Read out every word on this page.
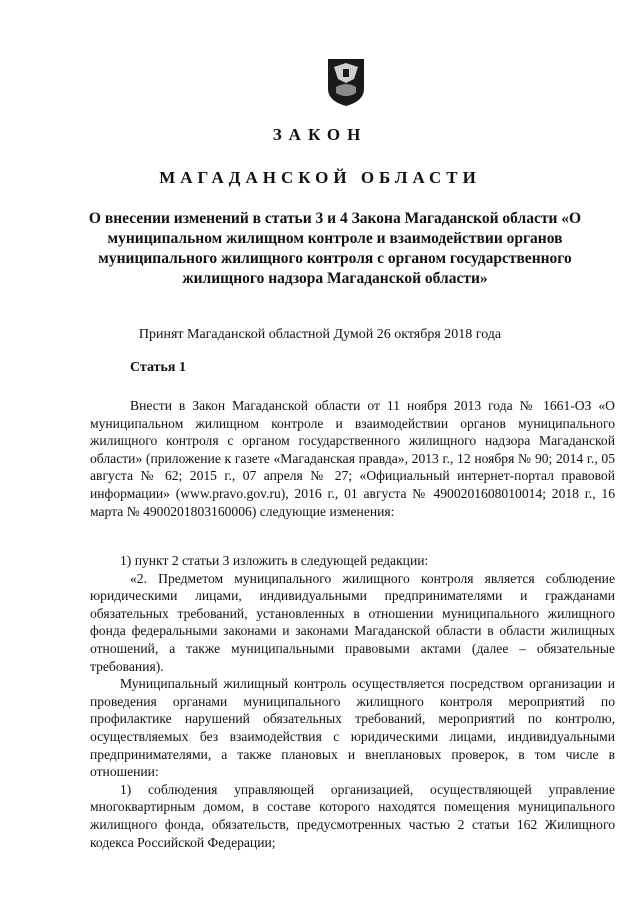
ЗАКОН
МАГАДАНСКОЙ ОБЛАСТИ
О внесении изменений в статьи 3 и 4 Закона Магаданской области «О муниципальном жилищном контроле и взаимодействии органов муниципального жилищного контроля с органом государственного жилищного надзора Магаданской области»
Принят Магаданской областной Думой 26 октября 2018 года
Статья 1

Внести в Закон Магаданской области от 11 ноября 2013 года № 1661-ОЗ «О муниципальном жилищном контроле и взаимодействии органов муниципального жилищного контроля с органом государственного жилищного надзора Магаданской области» (приложение к газете «Магаданская правда», 2013 г., 12 ноября № 90; 2014 г., 05 августа № 62; 2015 г., 07 апреля № 27; «Официальный интернет-портал правовой информации» (www.pravo.gov.ru), 2016 г., 01 августа № 4900201608010014; 2018 г., 16 марта № 4900201803160006) следующие изменения:

1) пункт 2 статьи 3 изложить в следующей редакции:

«2. Предметом муниципального жилищного контроля является соблюдение юридическими лицами, индивидуальными предпринимателями и гражданами обязательных требований, установленных в отношении муниципального жилищного фонда федеральными законами и законами Магаданской области в области жилищных отношений, а также муниципальными правовыми актами (далее – обязательные требования).

Муниципальный жилищный контроль осуществляется посредством организации и проведения органами муниципального жилищного контроля мероприятий по профилактике нарушений обязательных требований, мероприятий по контролю, осуществляемых без взаимодействия с юридическими лицами, индивидуальными предпринимателями, а также плановых и внеплановых проверок, в том числе в отношении:

1) соблюдения управляющей организацией, осуществляющей управление многоквартирным домом, в составе которого находятся помещения муниципального жилищного фонда, обязательств, предусмотренных частью 2 статьи 162 Жилищного кодекса Российской Федерации;
